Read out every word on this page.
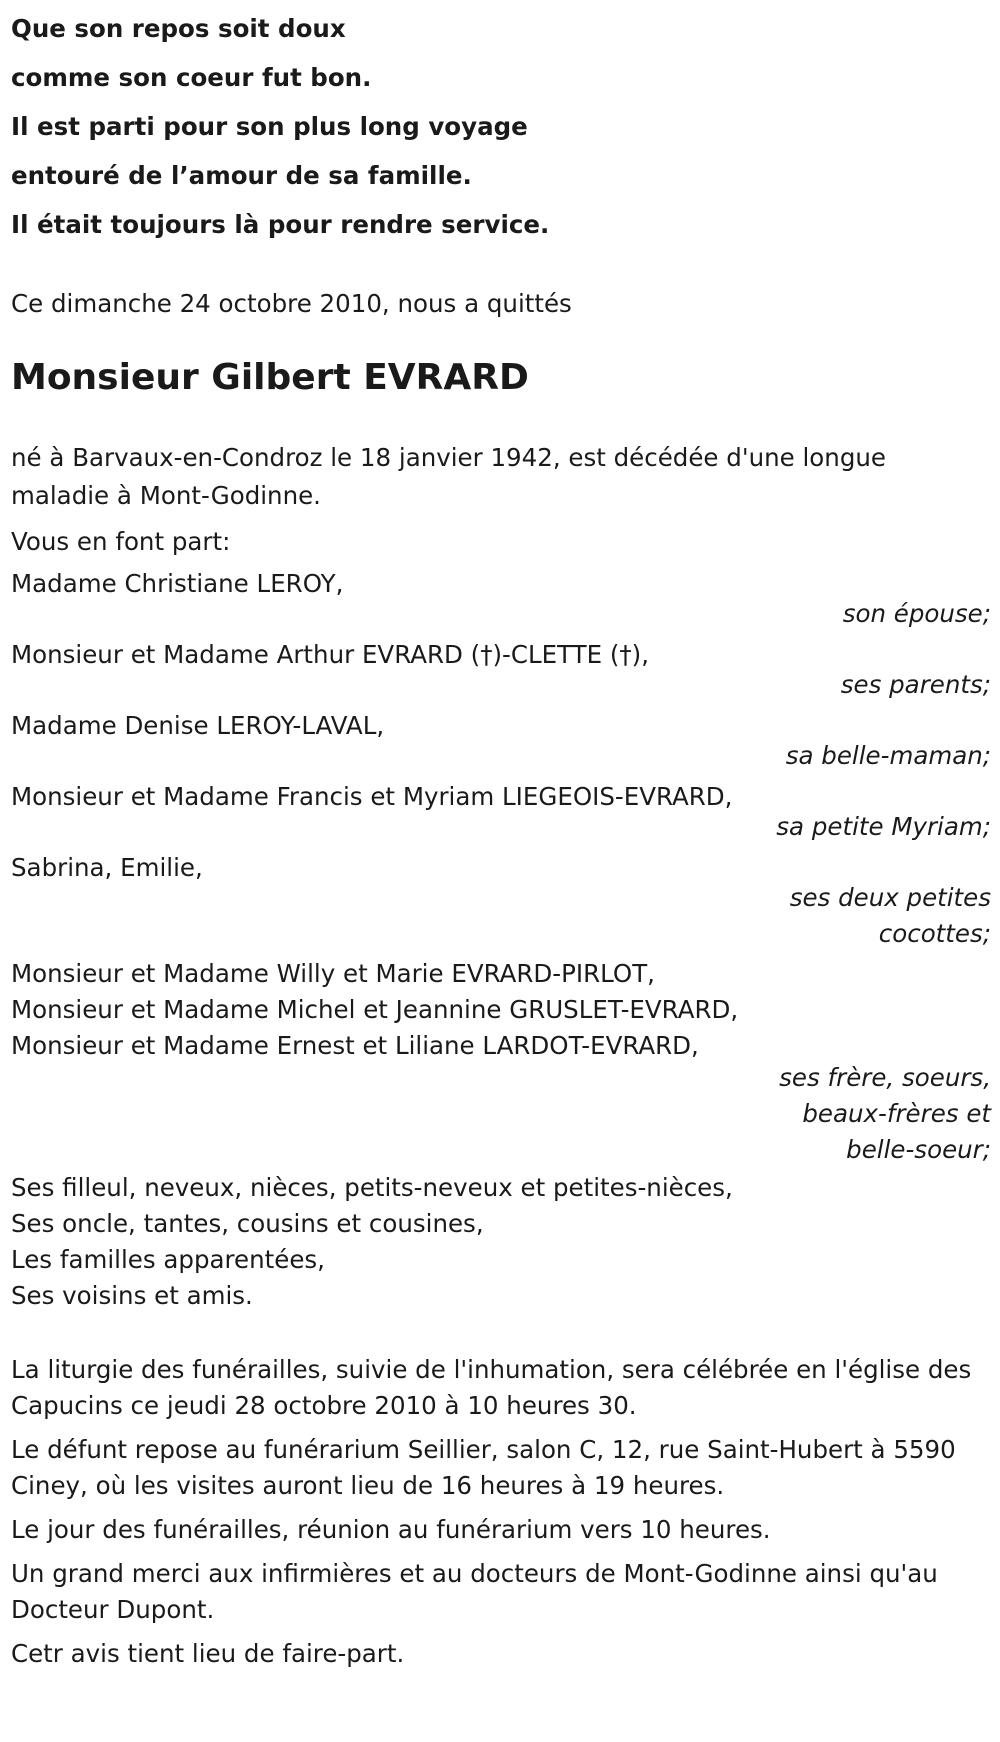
Que son repos soit doux
comme son coeur fut bon.
Il est parti pour son plus long voyage
entouré de l’amour de sa famille.
Il était toujours là pour rendre service.
Ce dimanche 24 octobre 2010, nous a quittés
Monsieur Gilbert EVRARD
né à Barvaux-en-Condroz le 18 janvier 1942, est décédée d'une longue maladie à Mont-Godinne.
Vous en font part:
Madame Christiane LEROY,
son épouse;
Monsieur et Madame Arthur EVRARD (†)-CLETTE (†),
ses parents;
Madame Denise LEROY-LAVAL,
sa belle-maman;
Monsieur et Madame Francis et Myriam LIEGEOIS-EVRARD,
sa petite Myriam;
Sabrina, Emilie,
ses deux petites cocottes;
Monsieur et Madame Willy et Marie EVRARD-PIRLOT,
Monsieur et Madame Michel et Jeannine GRUSLET-EVRARD,
Monsieur et Madame Ernest et Liliane LARDOT-EVRARD,
ses frère, soeurs, beaux-frères et belle-soeur;
Ses filleul, neveux, nièces, petits-neveux et petites-nièces,
Ses oncle, tantes, cousins et cousines,
Les familles apparentées,
Ses voisins et amis.
La liturgie des funérailles, suivie de l'inhumation, sera célébrée en l'église des Capucins ce jeudi 28 octobre 2010 à 10 heures 30.
Le défunt repose au funérarium Seillier, salon C, 12, rue Saint-Hubert à 5590 Ciney, où les visites auront lieu de 16 heures à 19 heures.
Le jour des funérailles, réunion au funérarium vers 10 heures.
Un grand merci aux infirmières et au docteurs de Mont-Godinne ainsi qu'au Docteur Dupont.
Cetr avis tient lieu de faire-part.
